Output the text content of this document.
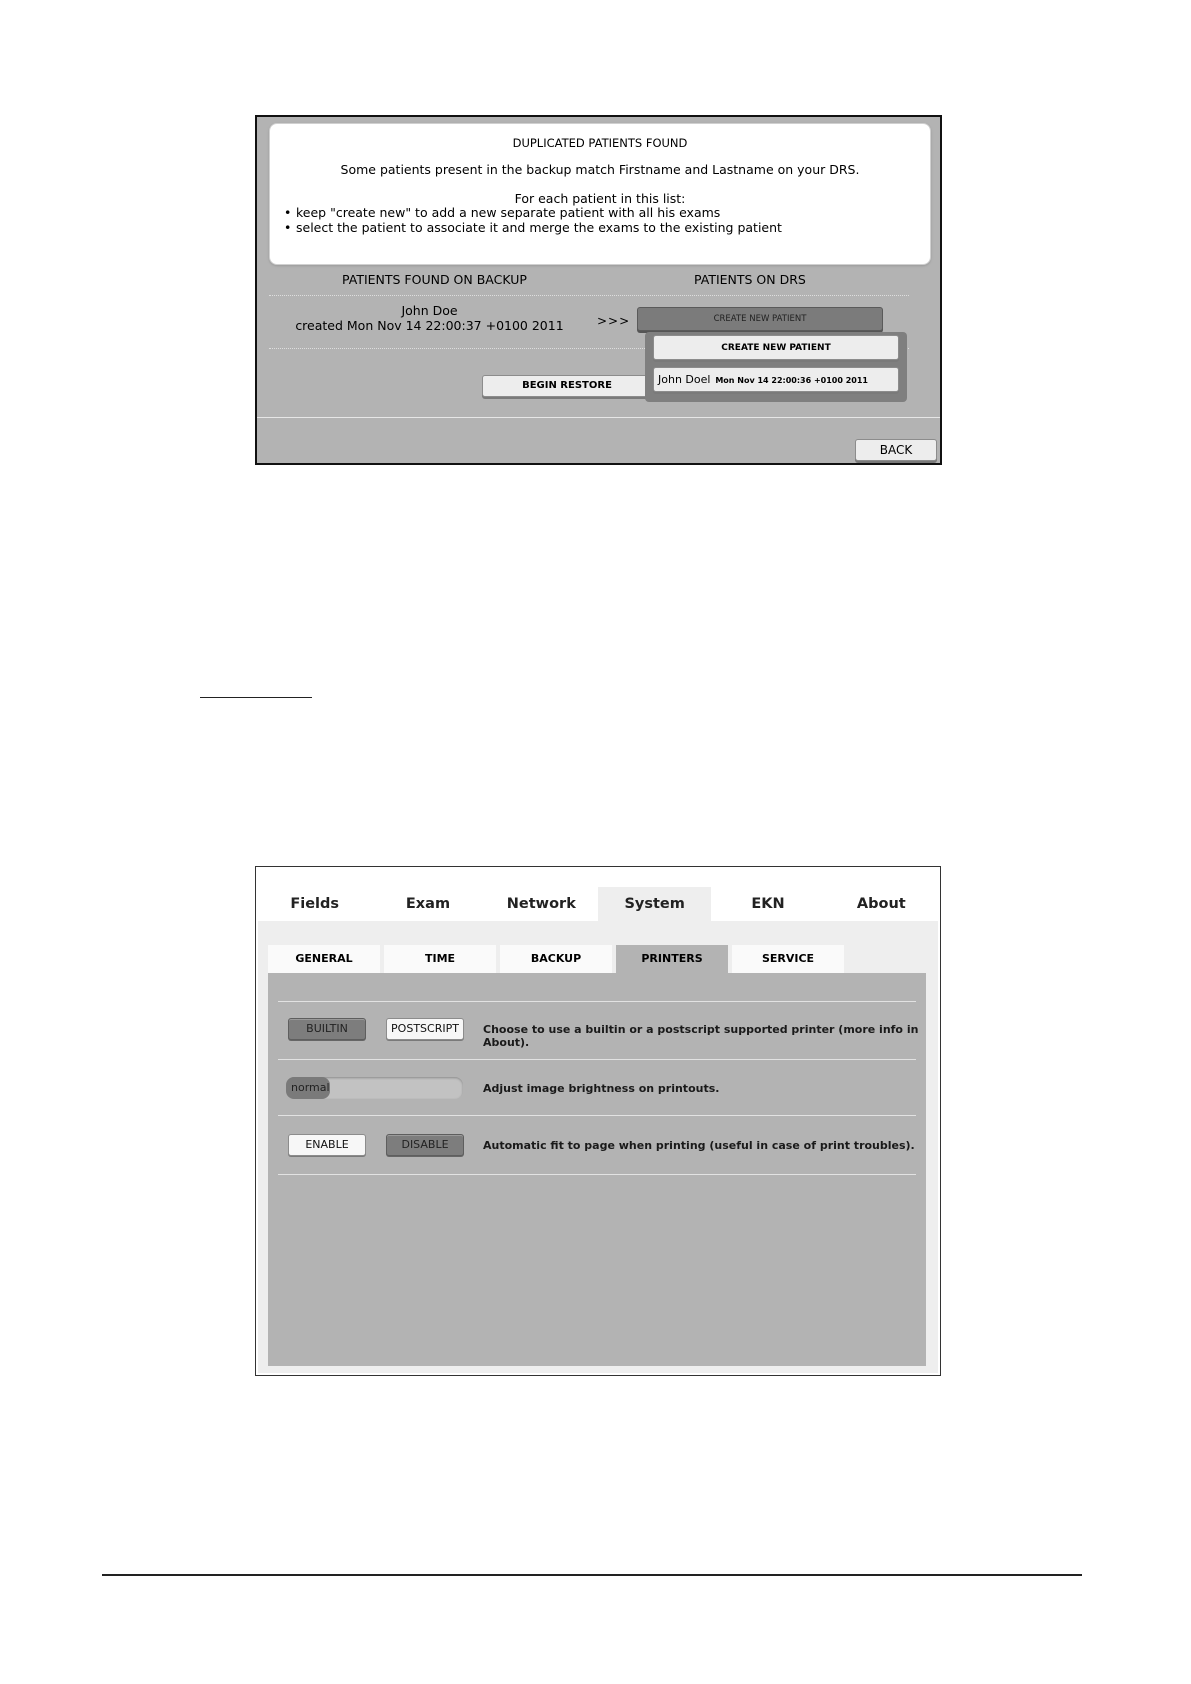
DUPLICATED PATIENTS FOUND
Some patients present in the backup match Firstname and Lastname on your DRS.
For each patient in this list:
• keep "create new" to add a new separate patient with all his exams
• select the patient to associate it and merge the exams to the existing patient
PATIENTS FOUND ON BACKUP	PATIENTS ON DRS
John Doe
created Mon Nov 14 22:00:37 +0100 2011	>>>	CREATE NEW PATIENT
BEGIN RESTORE
CREATE NEW PATIENT
John Doel Mon Nov 14 22:00:36 +0100 2011
BACK
Fields	Exam	Network	System	EKN	About
GENERAL	TIME	BACKUP	PRINTERS	SERVICE
BUILTIN	POSTSCRIPT	Choose to use a builtin or a postscript supported printer (more info in About).
normal	Adjust image brightness on printouts.
ENABLE	DISABLE	Automatic fit to page when printing (useful in case of print troubles).
